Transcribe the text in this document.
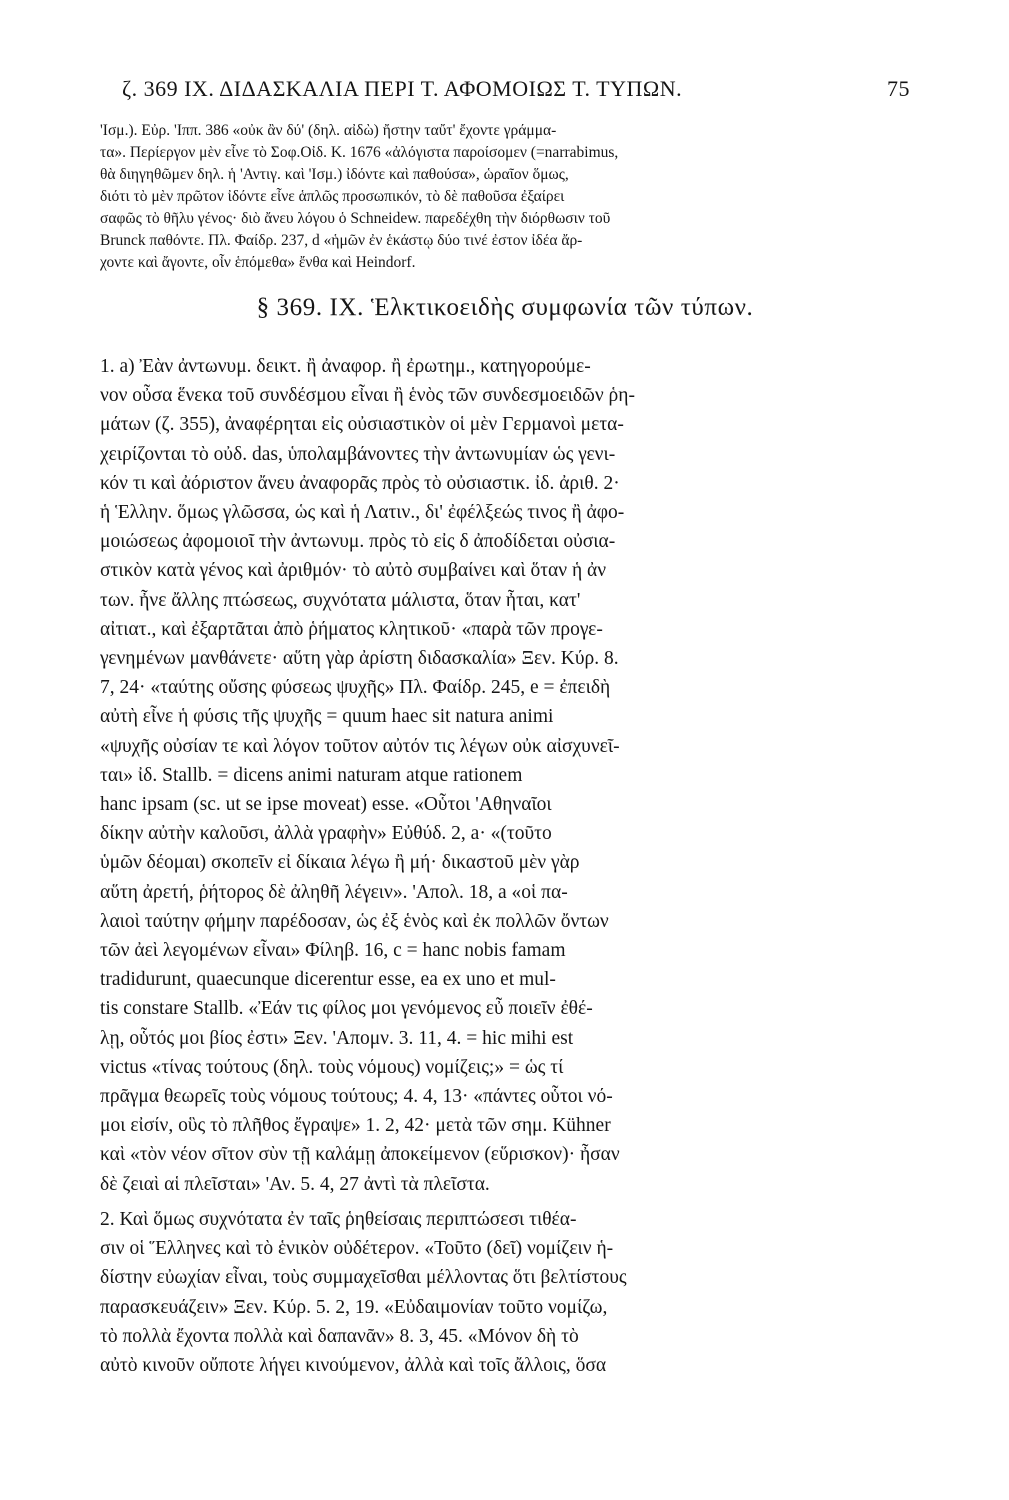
ζ. 369 ΙΧ. ΔΙΔΑΣΚΑΛΙΑ ΠΕΡΙ Τ. ΑΦΟΜΟΙΩΣ Τ. ΤΥΠΩΝ.	75
'Ισμ.). Εὐρ. 'Ιππ. 386 «οὐκ ἂν δύ' (δηλ. αἰδὼ) ἤστην ταὔτ' ἔχοντε γράμμα-
τα». Περίεργον μὲν εἶνε τὸ Σοφ.Οἰδ. Κ. 1676 «ἀλόγιστα παροίσομεν (=narrabimus,
θὰ διηγηθῶμεν δηλ. ἡ 'Αντιγ. καὶ 'Ισμ.) ἰδόντε καὶ παθούσα», ὡραῖον ὅμως,
διότι τὸ μὲν πρῶτον ἰδόντε εἶνε ἁπλῶς προσωπικόν, τὸ δὲ παθοῦσα ἐξαίρει
σαφῶς τὸ θῆλυ γένος· διὸ ἄνευ λόγου ὁ Schneidew. παρεδέχθη τὴν διόρθωσιν τοῦ
Brunck παθόντε. Πλ. Φαίδρ. 237, d «ἡμῶν ἐν ἑκάστῳ δύο τινέ ἐστον ἰδέα ἄρ-
χοντε καὶ ἄγοντε, οἷν ἑπόμεθα» ἔνθα καὶ Heindorf.
§ 369. ΙΧ. Ἑλκτικοειδὴς συμφωνία τῶν τύπων.
1. a) Ἐὰν ἀντωνυμ. δεικτ. ἢ ἀναφορ. ἢ ἐρωτημ., κατηγορούμε-
νον οὖσα ἕνεκα τοῦ συνδέσμου εἶναι ἢ ἑνὸς τῶν συνδεσμοειδῶν ῥη-
μάτων (ζ. 355), ἀναφέρηται εἰς οὐσιαστικὸν οἱ μὲν Γερμανοὶ μετα-
χειρίζονται τὸ οὐδ. das, ὑπολαμβάνοντες τὴν ἀντωνυμίαν ὡς γενι-
κόν τι καὶ ἀόριστον ἄνευ ἀναφορᾶς πρὸς τὸ οὐσιαστικ. ἰδ. ἀριθ. 2·
ἡ Ἑλλην. ὅμως γλῶσσα, ὡς καὶ ἡ Λατιν., δι' ἐφέλξεώς τινος ἢ ἀφο-
μοιώσεως ἀφομοιοῖ τὴν ἀντωνυμ. πρὸς τὸ εἰς δ ἀποδίδεται οὐσια-
στικὸν κατὰ γένος καὶ ἀριθμόν· τὸ αὐτὸ συμβαίνει καὶ ὅταν ἡ ἀν
των. ἦνε ἄλλης πτώσεως, συχνότατα μάλιστα, ὅταν ἦται, κατ'
αἰτιατ., καὶ ἐξαρτᾶται ἀπὸ ῥήματος κλητικοῦ· «παρὰ τῶν προγε-
γενημένων μανθάνετε· αὕτη γὰρ ἀρίστη διδασκαλία» Ξεν. Κύρ. 8.
7, 24· «ταύτης οὔσης φύσεως ψυχῆς» Πλ. Φαίδρ. 245, e = ἐπειδὴ
αὐτὴ εἶνε ἡ φύσις τῆς ψυχῆς = quum haec sit natura animi
«ψυχῆς οὐσίαν τε καὶ λόγον τοῦτον αὐτόν τις λέγων οὐκ αἰσχυνεῖ-
ται» ἰδ. Stallb. = dicens animi naturam atque rationem
hanc ipsam (sc. ut se ipse moveat) esse. «Οὗτοι 'Αθηναῖοι
δίκην αὐτὴν καλοῦσι, ἀλλὰ γραφὴν» Εὐθύδ. 2, a· «(τοῦτο
ὑμῶν δέομαι) σκοπεῖν εἰ δίκαια λέγω ἢ μή· δικαστοῦ μὲν γὰρ
αὕτη ἀρετή, ῥήτορος δὲ ἀληθῆ λέγειν». 'Απολ. 18, a «οἱ πα-
λαιοὶ ταύτην φήμην παρέδοσαν, ὡς ἐξ ἑνὸς καὶ ἐκ πολλῶν ὄντων
τῶν ἀεὶ λεγομένων εἶναι» Φίληβ. 16, c = hanc nobis famam
tradidurunt, quaecunque dicerentur esse, ea ex uno et mul-
tis constare Stallb. «Ἐάν τις φίλος μοι γενόμενος εὖ ποιεῖν ἐθέ-
λῃ, οὗτός μοι βίος ἐστι» Ξεν. 'Απομν. 3. 11, 4. = hic mihi est
victus «τίνας τούτους (δηλ. τοὺς νόμους) νομίζεις;» = ὡς τί
πρᾶγμα θεωρεῖς τοὺς νόμους τούτους; 4. 4, 13· «πάντες οὗτοι νό-
μοι εἰσίν, οὓς τὸ πλῆθος ἔγραψε» 1. 2, 42· μετὰ τῶν σημ. Kühner
καὶ «τὸν νέον σῖτον σὺν τῇ καλάμῃ ἀποκείμενον (εὕρισκον)· ἦσαν
δὲ ζειαὶ αἱ πλεῖσται» 'Αν. 5. 4, 27 ἀντὶ τὰ πλεῖστα.
2. Καὶ ὅμως συχνότατα ἐν ταῖς ῥηθείσαις περιπτώσεσι τιθέα-
σιν οἱ Ἕλληνες καὶ τὸ ἑνικὸν οὐδέτερον. «Τοῦτο (δεῖ) νομίζειν ἡ-
δίστην εὐωχίαν εἶναι, τοὺς συμμαχεῖσθαι μέλλοντας ὅτι βελτίστους
παρασκευάζειν» Ξεν. Κύρ. 5. 2, 19. «Εὐδαιμονίαν τοῦτο νομίζω,
τὸ πολλὰ ἔχοντα πολλὰ καὶ δαπανᾶν» 8. 3, 45. «Μόνον δὴ τὸ
αὐτὸ κινοῦν οὔποτε λήγει κινούμενον, ἀλλὰ καὶ τοῖς ἄλλοις, ὅσα
